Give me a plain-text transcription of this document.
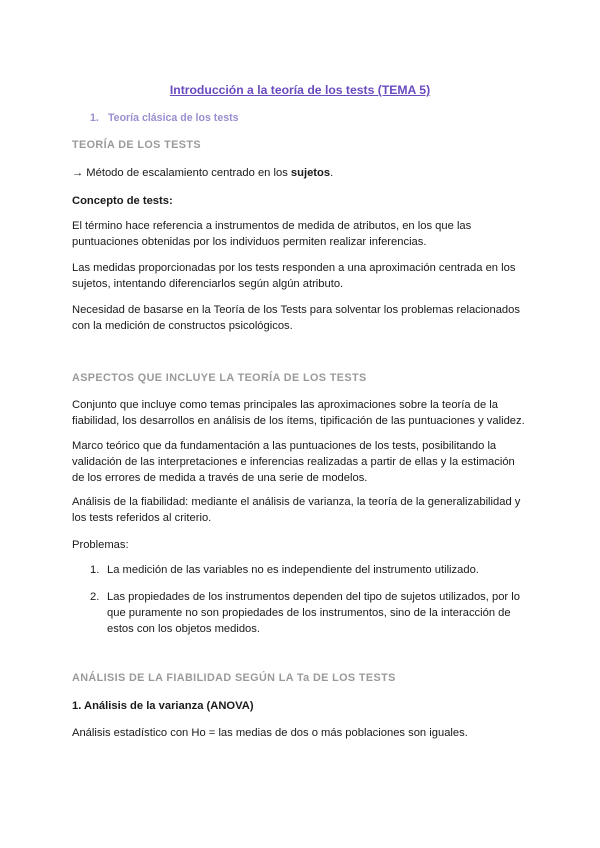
Introducción a la teoría de los tests (TEMA 5)

1. Teoría clásica de los tests

TEORÍA DE LOS TESTS

→ Método de escalamiento centrado en los sujetos.

Concepto de tests:

El término hace referencia a instrumentos de medida de atributos, en los que las puntuaciones obtenidas por los individuos permiten realizar inferencias.

Las medidas proporcionadas por los tests responden a una aproximación centrada en los sujetos, intentando diferenciarlos según algún atributo.

Necesidad de basarse en la Teoría de los Tests para solventar los problemas relacionados con la medición de constructos psicológicos.

ASPECTOS QUE INCLUYE LA TEORÍA DE LOS TESTS

Conjunto que incluye como temas principales las aproximaciones sobre la teoría de la fiabilidad, los desarrollos en análisis de los ítems, tipificación de las puntuaciones y validez.

Marco teórico que da fundamentación a las puntuaciones de los tests, posibilitando la validación de las interpretaciones e inferencias realizadas a partir de ellas y la estimación de los errores de medida a través de una serie de modelos.

Análisis de la fiabilidad: mediante el análisis de varianza, la teoría de la generalizabilidad y los tests referidos al criterio.

Problemas:

1. La medición de las variables no es independiente del instrumento utilizado.
2. Las propiedades de los instrumentos dependen del tipo de sujetos utilizados, por lo que puramente no son propiedades de los instrumentos, sino de la interacción de estos con los objetos medidos.

ANÁLISIS DE LA FIABILIDAD SEGÚN LA Ta DE LOS TESTS

1. Análisis de la varianza (ANOVA)

Análisis estadístico con Ho = las medias de dos o más poblaciones son iguales.
